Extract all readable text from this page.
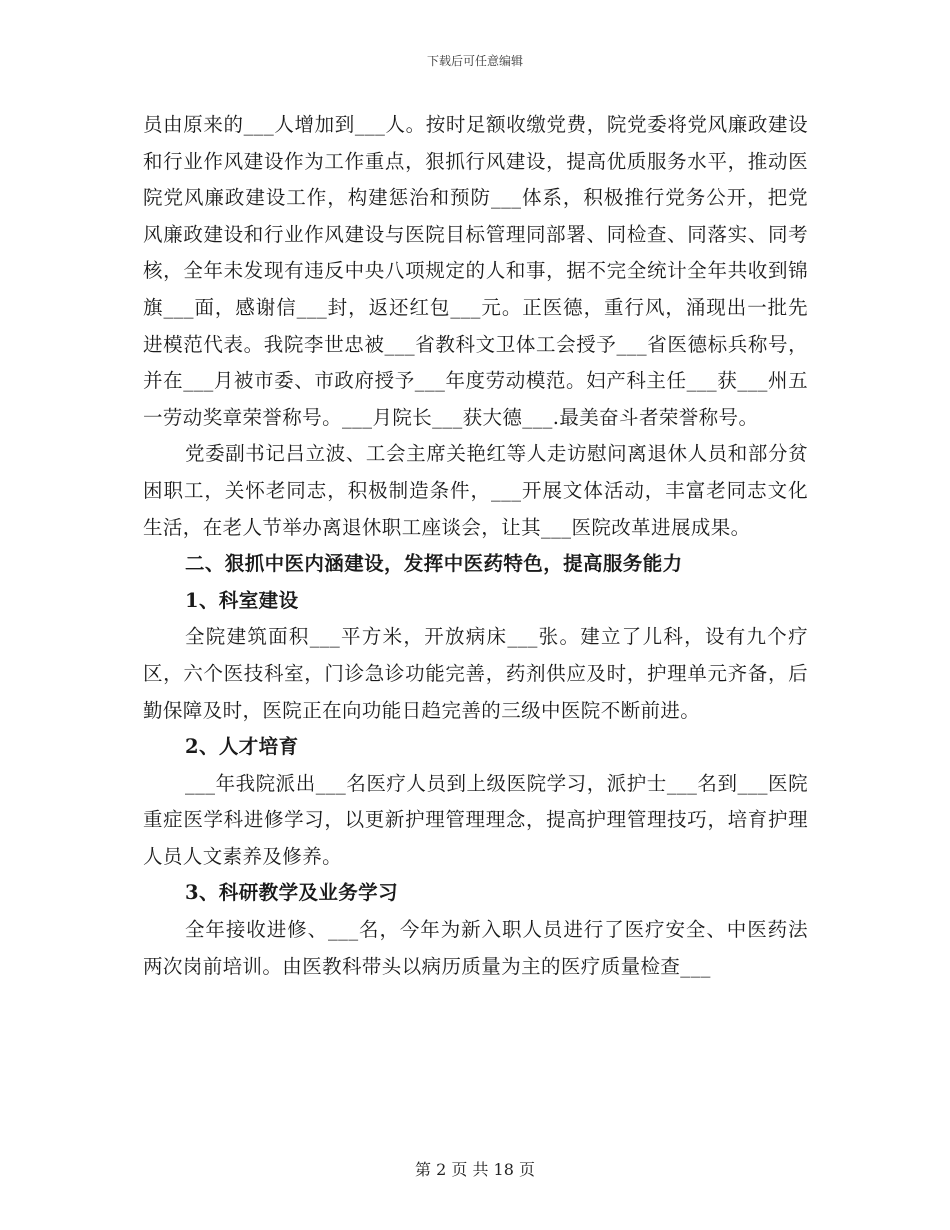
下载后可任意编辑

员由原来的___人增加到___人。按时足额收缴党费，院党委将党风廉政建设和行业作风建设作为工作重点，狠抓行风建设，提高优质服务水平，推动医院党风廉政建设工作，构建惩治和预防___体系，积极推行党务公开，把党风廉政建设和行业作风建设与医院目标管理同部署、同检查、同落实、同考核，全年未发现有违反中央八项规定的人和事，据不完全统计全年共收到锦旗___面，感谢信___封，返还红包___元。正医德，重行风，涌现出一批先进模范代表。我院李世忠被___省教科文卫体工会授予___省医德标兵称号，并在___月被市委、市政府授予___年度劳动模范。妇产科主任___获___州五一劳动奖章荣誉称号。___月院长___获大德___.最美奋斗者荣誉称号。

党委副书记吕立波、工会主席关艳红等人走访慰问离退休人员和部分贫困职工，关怀老同志，积极制造条件，___开展文体活动，丰富老同志文化生活，在老人节举办离退休职工座谈会，让其___医院改革进展成果。

二、狠抓中医内涵建设，发挥中医药特色，提高服务能力

1、科室建设

全院建筑面积___平方米，开放病床___张。建立了儿科，设有九个疗区，六个医技科室，门诊急诊功能完善，药剂供应及时，护理单元齐备，后勤保障及时，医院正在向功能日趋完善的三级中医院不断前进。

2、人才培育

___年我院派出___名医疗人员到上级医院学习，派护士___名到___医院重症医学科进修学习，以更新护理管理理念，提高护理管理技巧，培育护理人员人文素养及修养。

3、科研教学及业务学习

全年接收进修、___名，今年为新入职人员进行了医疗安全、中医药法两次岗前培训。由医教科带头以病历质量为主的医疗质量检查___

第 2 页 共 18 页
